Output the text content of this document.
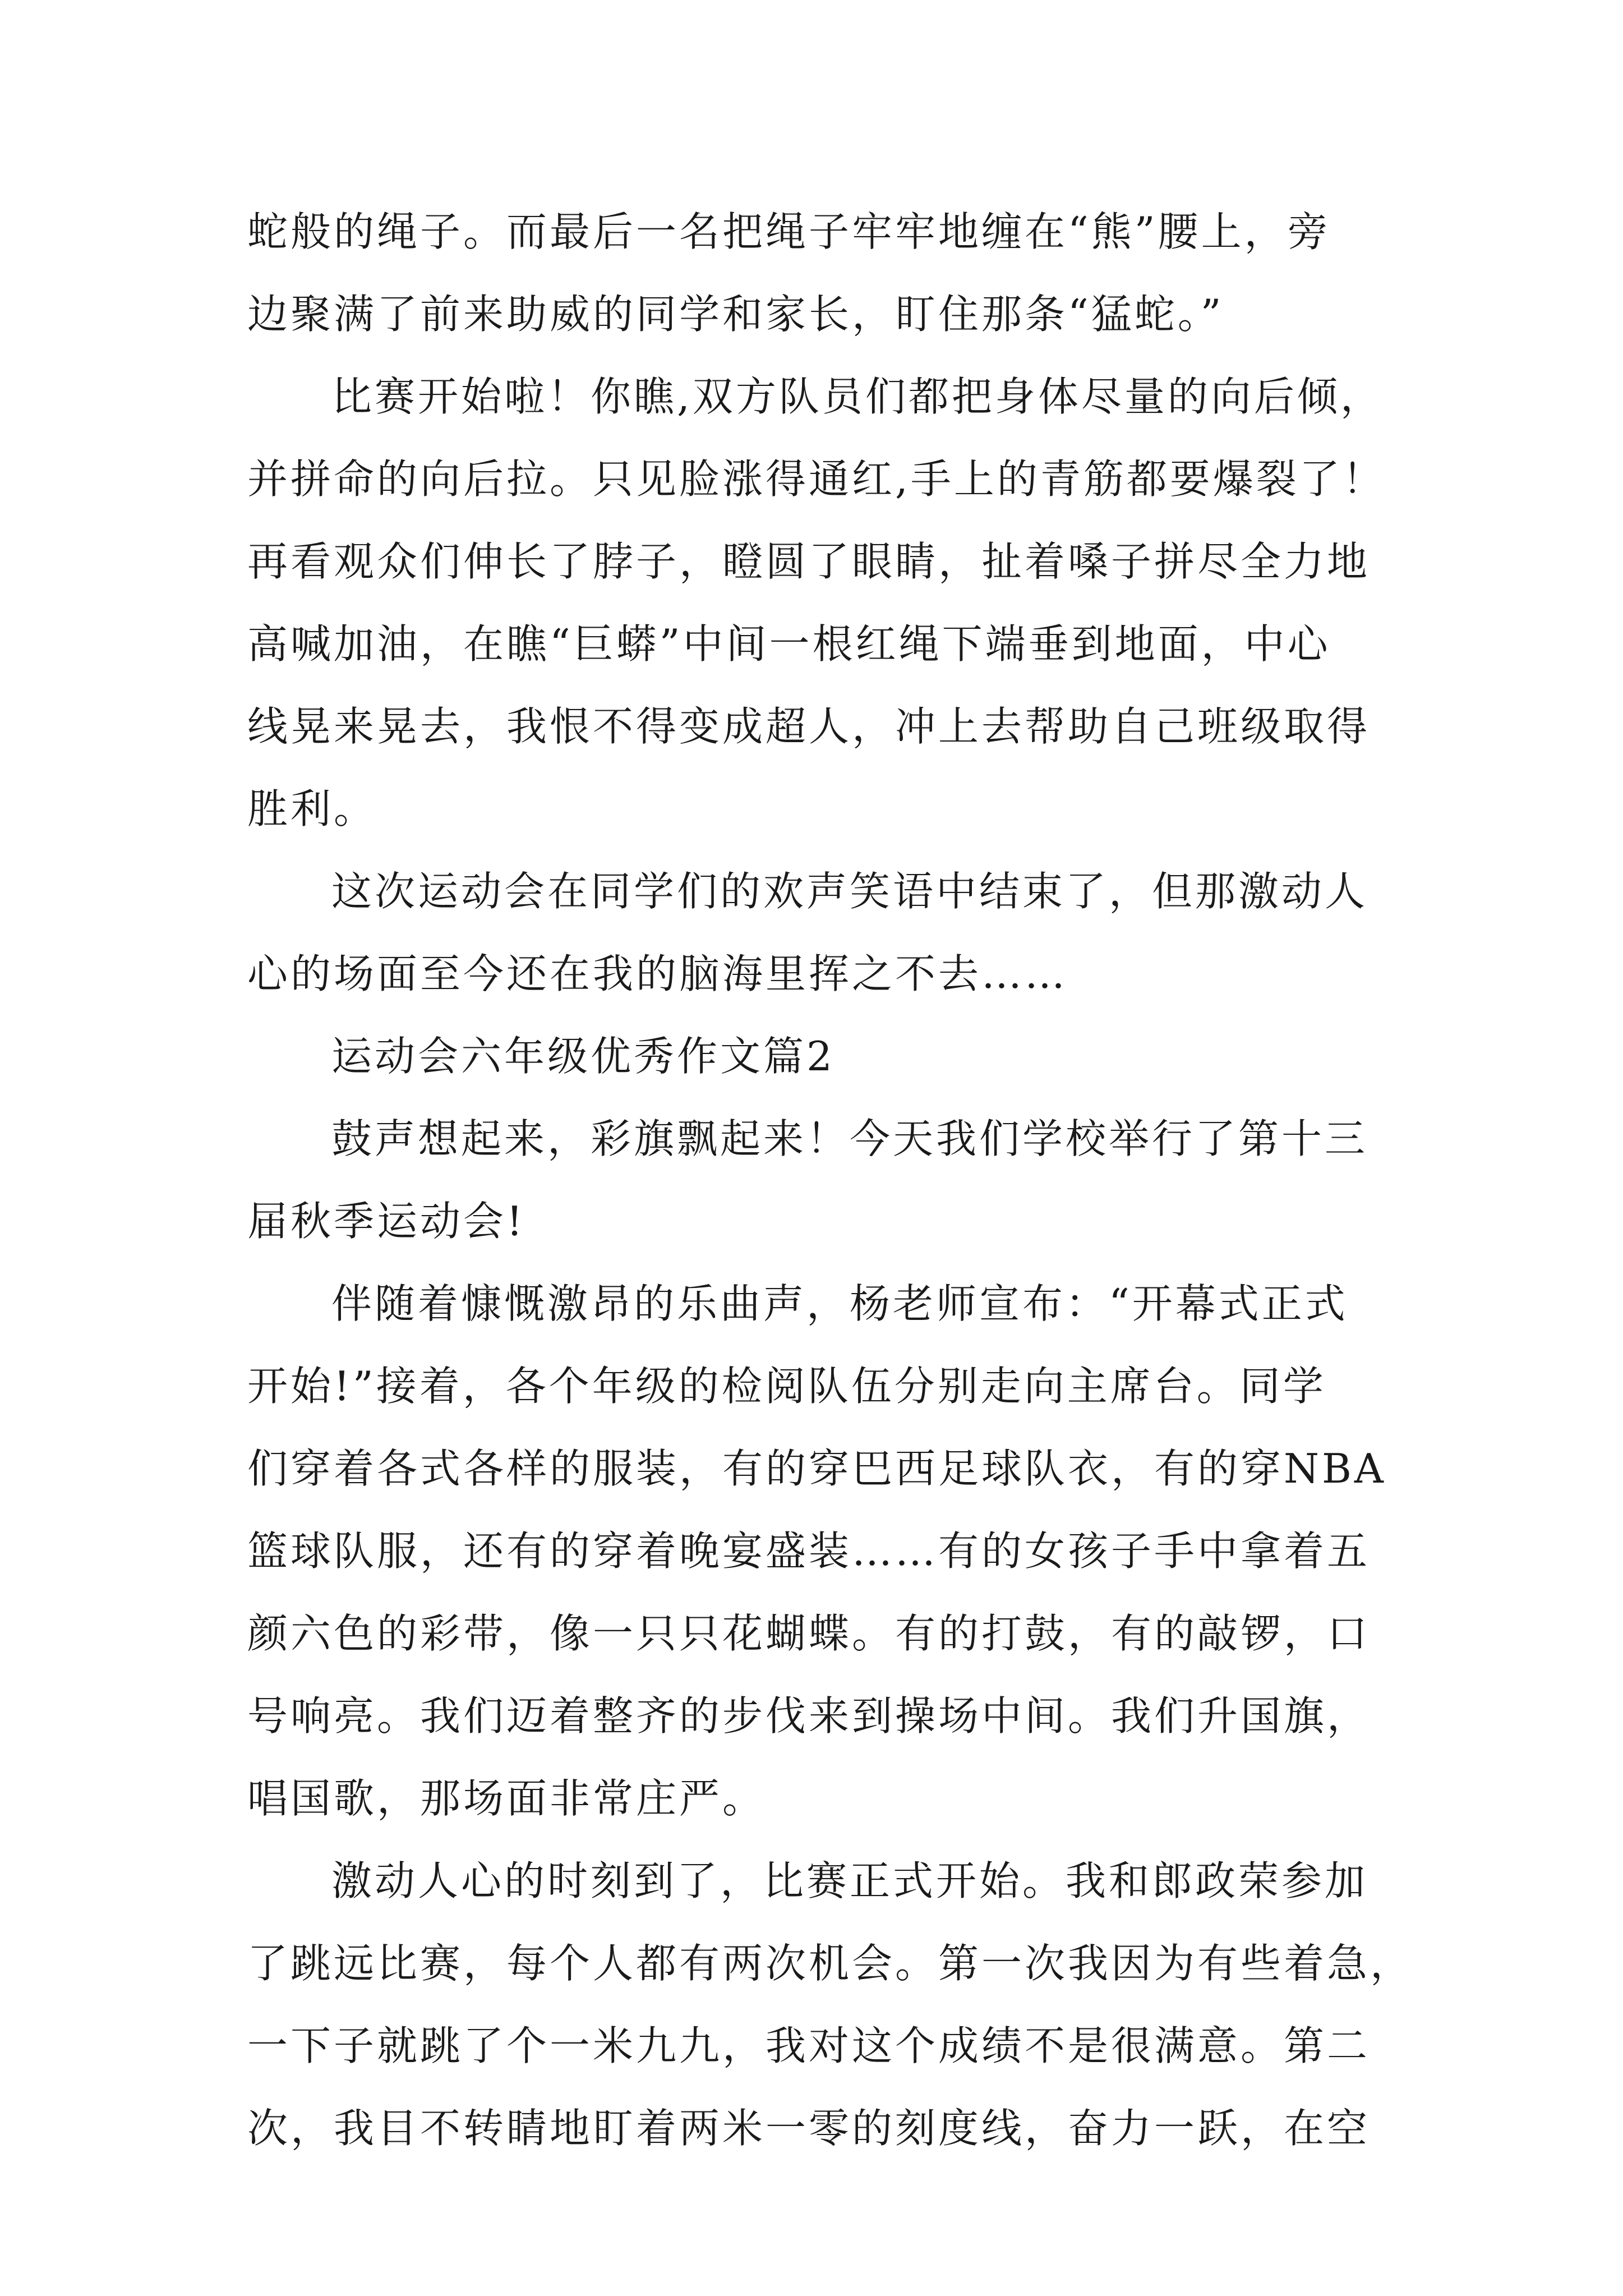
蛇般的绳子。而最后一名把绳子牢牢地缠在“熊”腰上，旁
边聚满了前来助威的同学和家长，盯住那条“猛蛇。”
比赛开始啦！你瞧,双方队员们都把身体尽量的向后倾，
并拼命的向后拉。只见脸涨得通红,手上的青筋都要爆裂了！
再看观众们伸长了脖子，瞪圆了眼睛，扯着嗓子拼尽全力地
高喊加油，在瞧“巨蟒”中间一根红绳下端垂到地面，中心
线晃来晃去，我恨不得变成超人，冲上去帮助自己班级取得
胜利。
这次运动会在同学们的欢声笑语中结束了，但那激动人
心的场面至今还在我的脑海里挥之不去……
运动会六年级优秀作文篇2
鼓声想起来，彩旗飘起来！今天我们学校举行了第十三
届秋季运动会!
伴随着慷慨激昂的乐曲声，杨老师宣布：“开幕式正式
开始!”接着，各个年级的检阅队伍分别走向主席台。同学
们穿着各式各样的服装，有的穿巴西足球队衣，有的穿NBA
篮球队服，还有的穿着晚宴盛装……有的女孩子手中拿着五
颜六色的彩带，像一只只花蝴蝶。有的打鼓，有的敲锣，口
号响亮。我们迈着整齐的步伐来到操场中间。我们升国旗，
唱国歌，那场面非常庄严。
激动人心的时刻到了，比赛正式开始。我和郎政荣参加
了跳远比赛，每个人都有两次机会。第一次我因为有些着急，
一下子就跳了个一米九九，我对这个成绩不是很满意。第二
次，我目不转睛地盯着两米一零的刻度线，奋力一跃，在空
